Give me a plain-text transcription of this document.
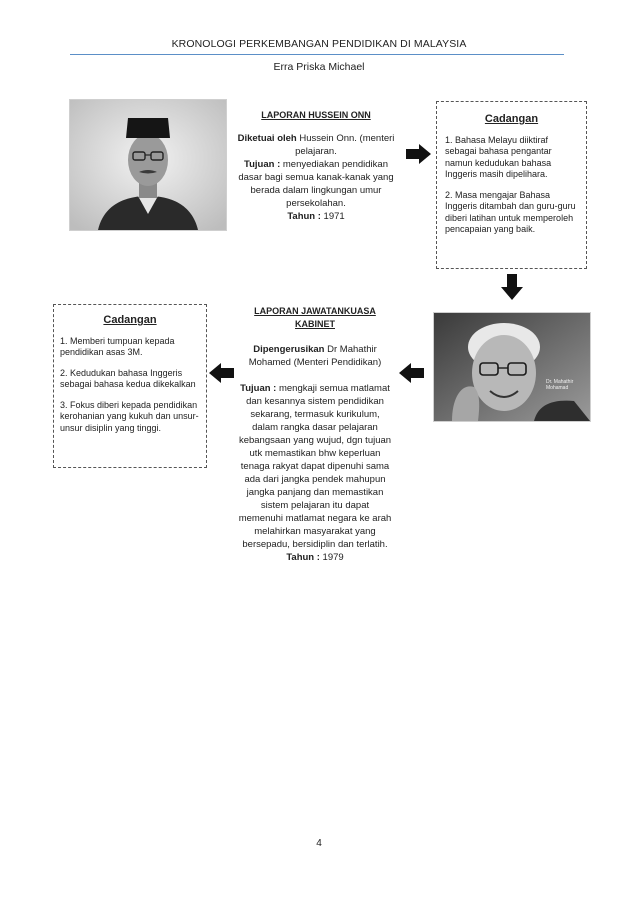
KRONOLOGI PERKEMBANGAN PENDIDIKAN DI MALAYSIA
Erra Priska Michael
LAPORAN HUSSEIN ONN
Diketuai oleh Hussein Onn. (menteri pelajaran.
Tujuan : menyediakan pendidikan dasar bagi semua kanak-kanak yang berada dalam lingkungan umur persekolahan.
Tahun : 1971
Cadangan

1. Bahasa Melayu diiktiraf sebagai bahasa pengantar namun kedudukan bahasa Inggeris masih dipelihara.

2. Masa mengajar Bahasa Inggeris ditambah dan guru-guru diberi latihan untuk memperoleh pencapaian yang baik.

Dr. Mahathir Mohamad
LAPORAN JAWATANKUASA KABINET
Dipengerusikan Dr Mahathir Mohamed (Menteri Pendidikan)
Tujuan : mengkaji semua matlamat dan kesannya sistem pendidikan sekarang, termasuk kurikulum, dalam rangka dasar pelajaran kebangsaan yang wujud, dgn tujuan utk memastikan bhw keperluan tenaga rakyat dapat dipenuhi sama ada dari jangka pendek mahupun jangka panjang dan memastikan sistem pelajaran itu dapat memenuhi matlamat negara ke arah melahirkan masyarakat yang bersepadu, bersidiplin dan terlatih.
Tahun : 1979
Cadangan

1. Memberi tumpuan kepada pendidikan asas 3M.

2. Kedudukan bahasa Inggeris sebagai bahasa kedua dikekalkan

3. Fokus diberi kepada pendidikan kerohanian yang kukuh dan unsur-unsur disiplin yang tinggi.

4
